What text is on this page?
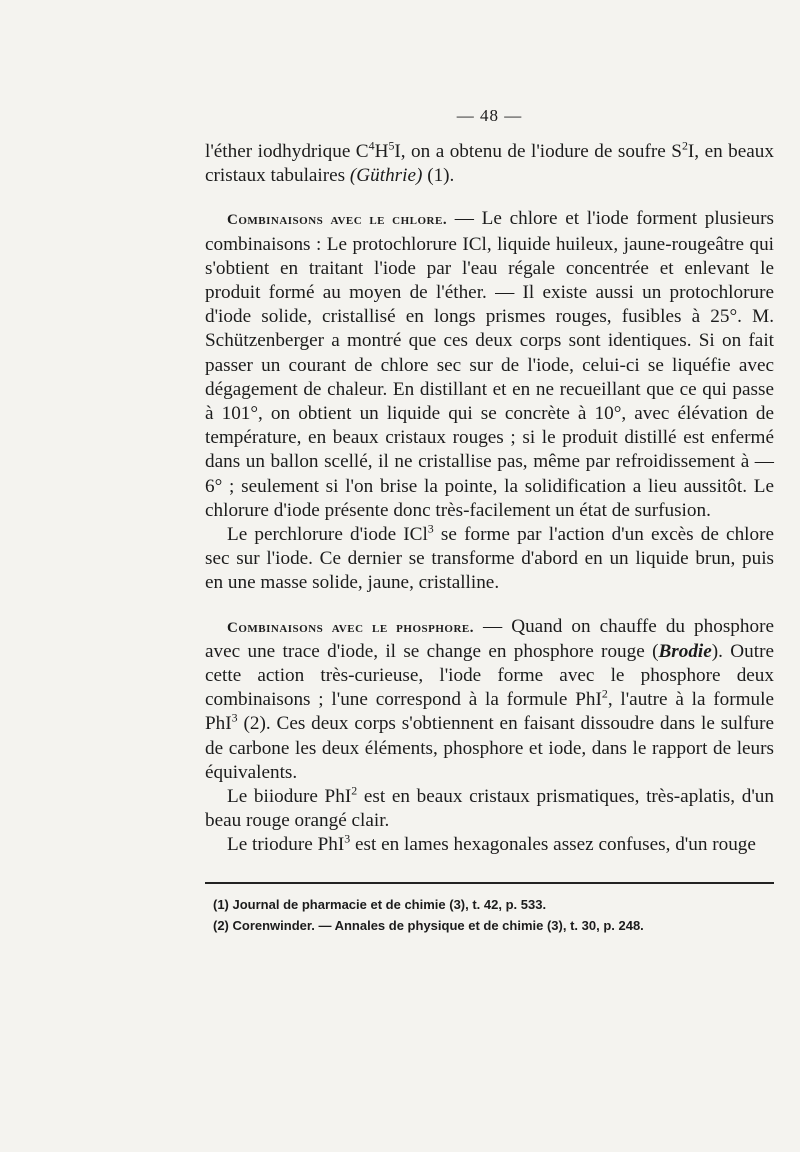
— 48 —

l'éther iodhydrique $C^4H^5I$, on a obtenu de l'iodure de soufre $S^2I$, en beaux cristaux tabulaires (Güthrie) (1).

Combinaisons avec le chlore. — Le chlore et l'iode forment plusieurs combinaisons : Le protochlorure ICl, liquide huileux, jaune-rougeâtre qui s'obtient en traitant l'iode par l'eau régale concentrée et enlevant le produit formé au moyen de l'éther. — Il existe aussi un protochlorure d'iode solide, cristallisé en longs prismes rouges, fusibles à 25°. M. Schützenberger a montré que ces deux corps sont identiques. Si on fait passer un courant de chlore sec sur de l'iode, celui-ci se liquéfie avec dégagement de chaleur. En distillant et en ne recueillant que ce qui passe à 101°, on obtient un liquide qui se concrète à 10°, avec élévation de température, en beaux cristaux rouges ; si le produit distillé est enfermé dans un ballon scellé, il ne cristallise pas, même par refroidissement à — 6° ; seulement si l'on brise la pointe, la solidification a lieu aussitôt. Le chlorure d'iode présente donc très-facilement un état de surfusion.

Le perchlorure d'iode ICl$^3$ se forme par l'action d'un excès de chlore sec sur l'iode. Ce dernier se transforme d'abord en un liquide brun, puis en une masse solide, jaune, cristalline.

Combinaisons avec le phosphore. — Quand on chauffe du phosphore avec une trace d'iode, il se change en phosphore rouge (Brodie). Outre cette action très-curieuse, l'iode forme avec le phosphore deux combinaisons ; l'une correspond à la formule PhI$^2$, l'autre à la formule PhI$^3$ (2). Ces deux corps s'obtiennent en faisant dissoudre dans le sulfure de carbone les deux éléments, phosphore et iode, dans le rapport de leurs équivalents.

Le biiodure PhI$^2$ est en beaux cristaux prismatiques, très-aplatis, d'un beau rouge orangé clair.

Le triodure PhI$^3$ est en lames hexagonales assez confuses, d'un rouge

(1) Journal de pharmacie et de chimie (3), t. 42, p. 533.

(2) Corenwinder. — Annales de physique et de chimie (3), t. 30, p. 248.
